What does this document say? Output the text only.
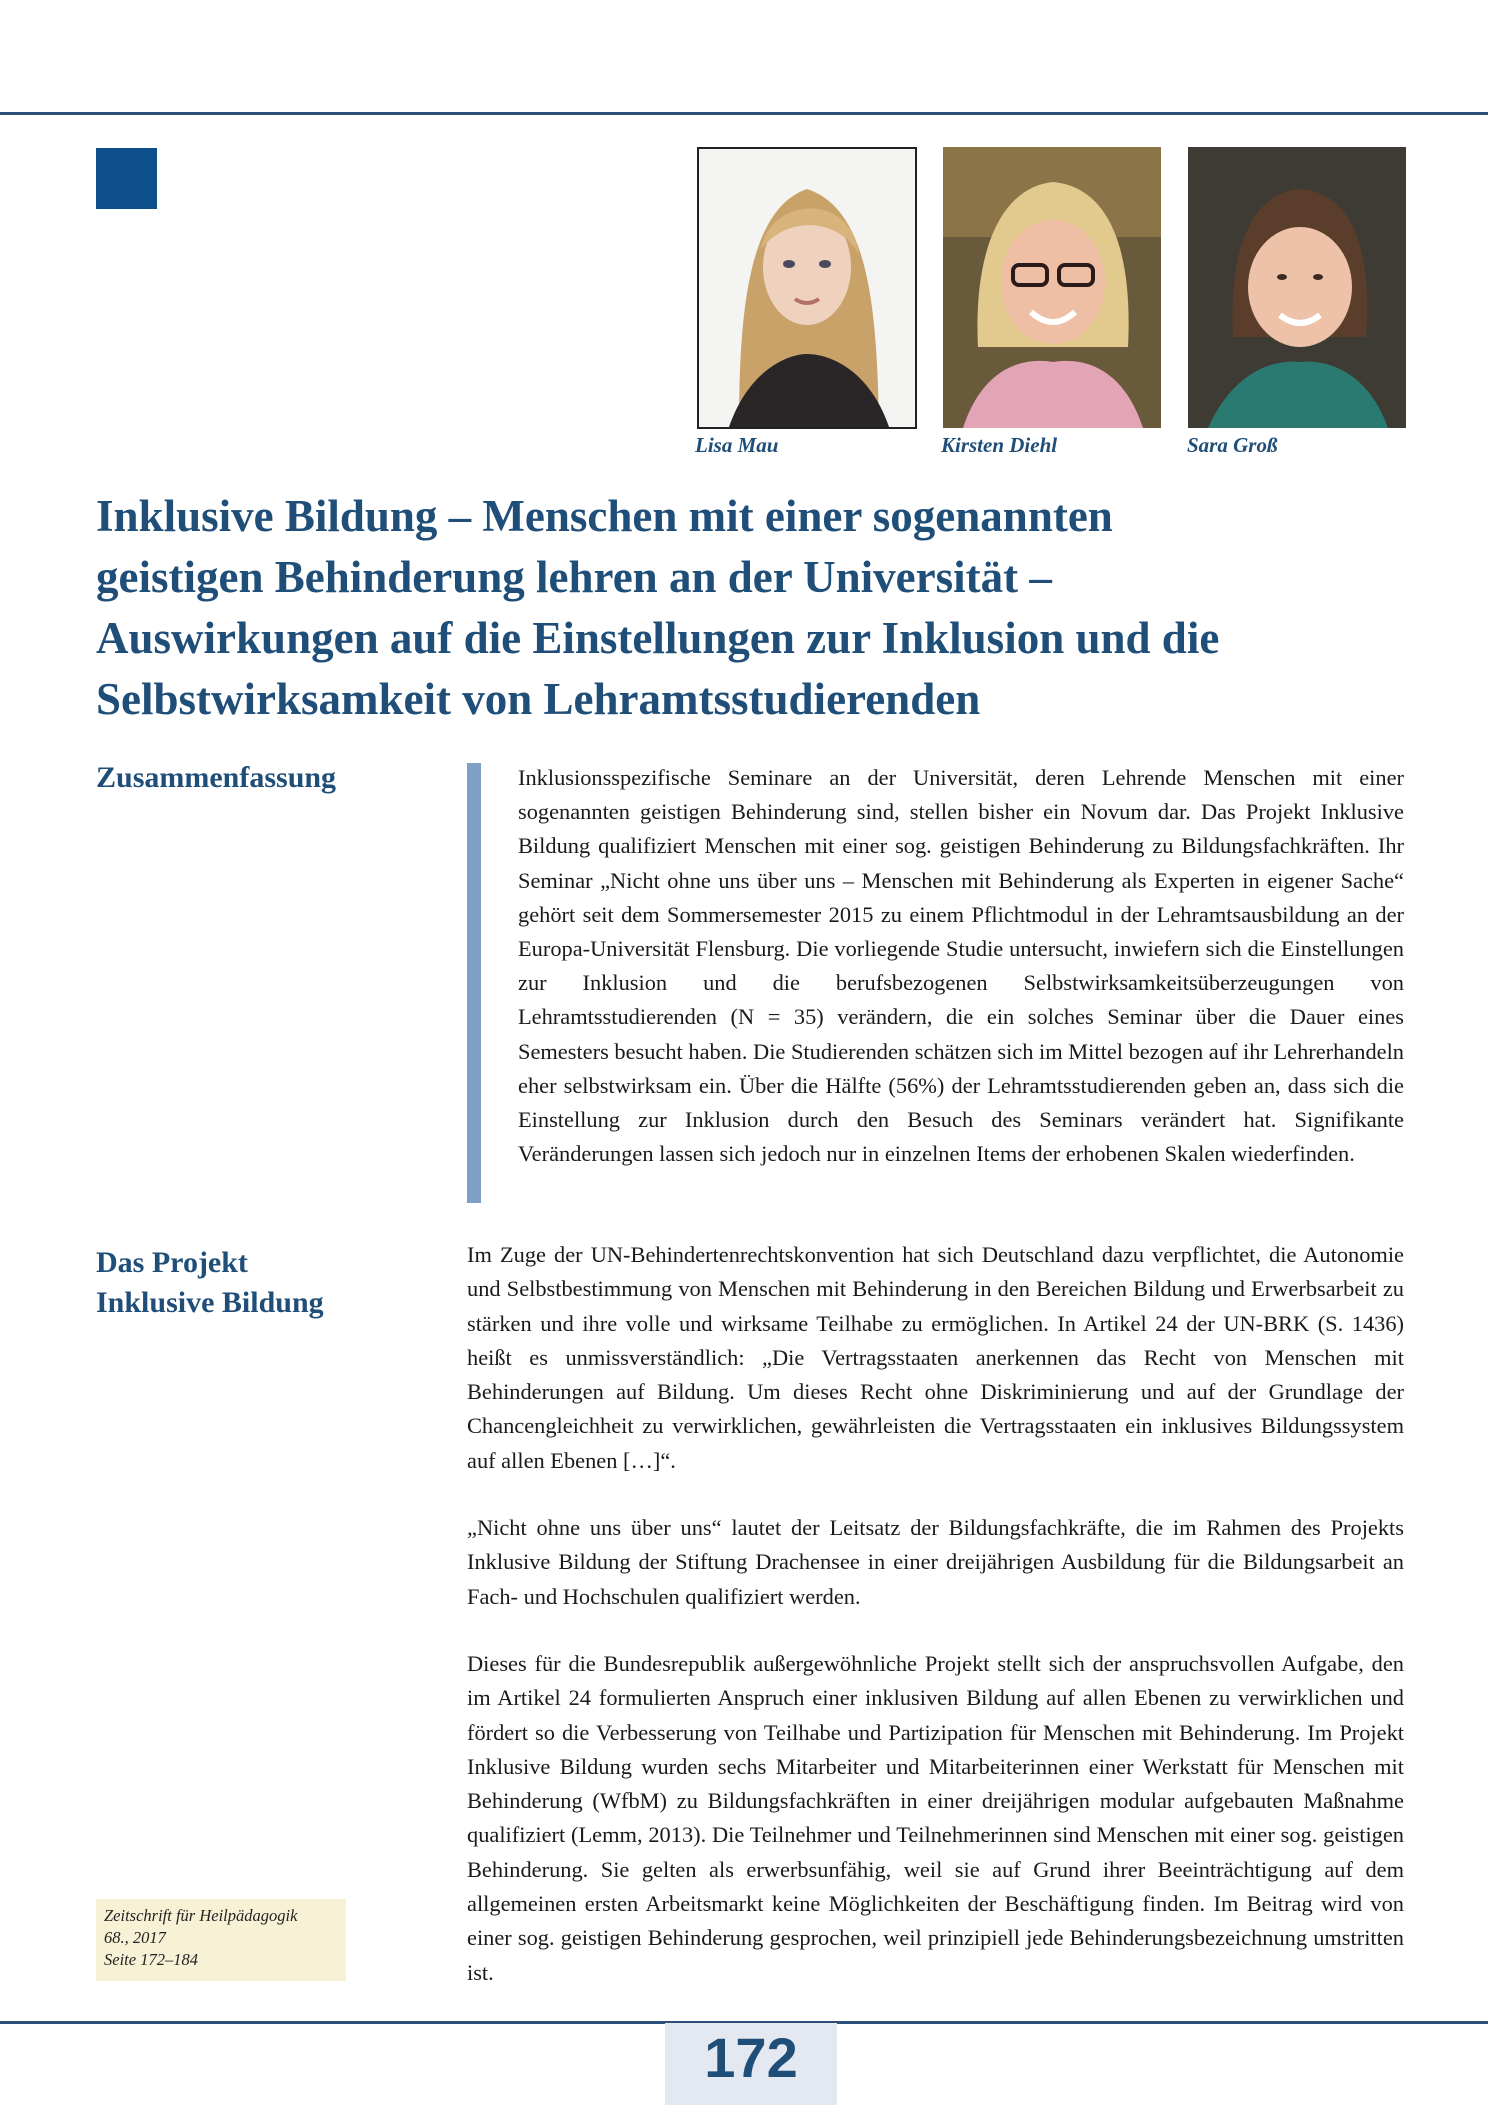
Lisa Mau	Kirsten Diehl	Sara Groß
Inklusive Bildung – Menschen mit einer sogenannten
geistigen Behinderung lehren an der Universität –
Auswirkungen auf die Einstellungen zur Inklusion und die
Selbstwirksamkeit von Lehramtsstudierenden
Zusammenfassung	Inklusionsspezifische Seminare an der Universität, deren Lehrende Menschen mit einer sogenannten geistigen Behinderung sind, stellen bisher ein Novum dar. Das Projekt Inklusive Bildung qualifiziert Menschen mit einer sog. geistigen Behinderung zu Bildungsfachkräften. Ihr Seminar „Nicht ohne uns über uns – Menschen mit Behinderung als Experten in eigener Sache“ gehört seit dem Sommersemester 2015 zu einem Pflichtmodul in der Lehramtsausbildung an der Europa-Universität Flensburg. Die vorliegende Studie untersucht, inwiefern sich die Einstellungen zur Inklusion und die berufsbezogenen Selbstwirksamkeitsüberzeugungen von Lehramtsstudierenden (N = 35) verändern, die ein solches Seminar über die Dauer eines Semesters besucht haben. Die Studierenden schätzen sich im Mittel bezogen auf ihr Lehrerhandeln eher selbstwirksam ein. Über die Hälfte (56%) der Lehramtsstudierenden geben an, dass sich die Einstellung zur Inklusion durch den Besuch des Seminars verändert hat. Signifikante Veränderungen lassen sich jedoch nur in einzelnen Items der erhobenen Skalen wiederfinden.

Das Projekt
Inklusive Bildung

Im Zuge der UN-Behindertenrechtskonvention hat sich Deutschland dazu verpflichtet, die Autonomie und Selbstbestimmung von Menschen mit Behinderung in den Bereichen Bildung und Erwerbsarbeit zu stärken und ihre volle und wirksame Teilhabe zu ermöglichen. In Artikel 24 der UN-BRK (S. 1436) heißt es unmissverständlich: „Die Vertragsstaaten anerkennen das Recht von Menschen mit Behinderungen auf Bildung. Um dieses Recht ohne Diskriminierung und auf der Grundlage der Chancengleichheit zu verwirklichen, gewährleisten die Vertragsstaaten ein inklusives Bildungssystem auf allen Ebenen […]“.

„Nicht ohne uns über uns“ lautet der Leitsatz der Bildungsfachkräfte, die im Rahmen des Projekts Inklusive Bildung der Stiftung Drachensee in einer dreijährigen Ausbildung für die Bildungsarbeit an Fach- und Hochschulen qualifiziert werden.

Dieses für die Bundesrepublik außergewöhnliche Projekt stellt sich der anspruchsvollen Aufgabe, den im Artikel 24 formulierten Anspruch einer inklusiven Bildung auf allen Ebenen zu verwirklichen und fördert so die Verbesserung von Teilhabe und Partizipation für Menschen mit Behinderung. Im Projekt Inklusive Bildung wurden sechs Mitarbeiter und Mitarbeiterinnen einer Werkstatt für Menschen mit Behinderung (WfbM) zu Bildungsfachkräften in einer dreijährigen modular aufgebauten Maßnahme qualifiziert (Lemm, 2013). Die Teilnehmer und Teilnehmerinnen sind Menschen mit einer sog. geistigen Behinderung. Sie gelten als erwerbsunfähig, weil sie auf Grund ihrer Beeinträchtigung auf dem allgemeinen ersten Arbeitsmarkt keine Möglichkeiten der Beschäftigung finden. Im Beitrag wird von einer sog. geistigen Behinderung gesprochen, weil prinzipiell jede Behinderungsbezeichnung umstritten ist.

Zeitschrift für Heilpädagogik
68., 2017
Seite 172–184
172
